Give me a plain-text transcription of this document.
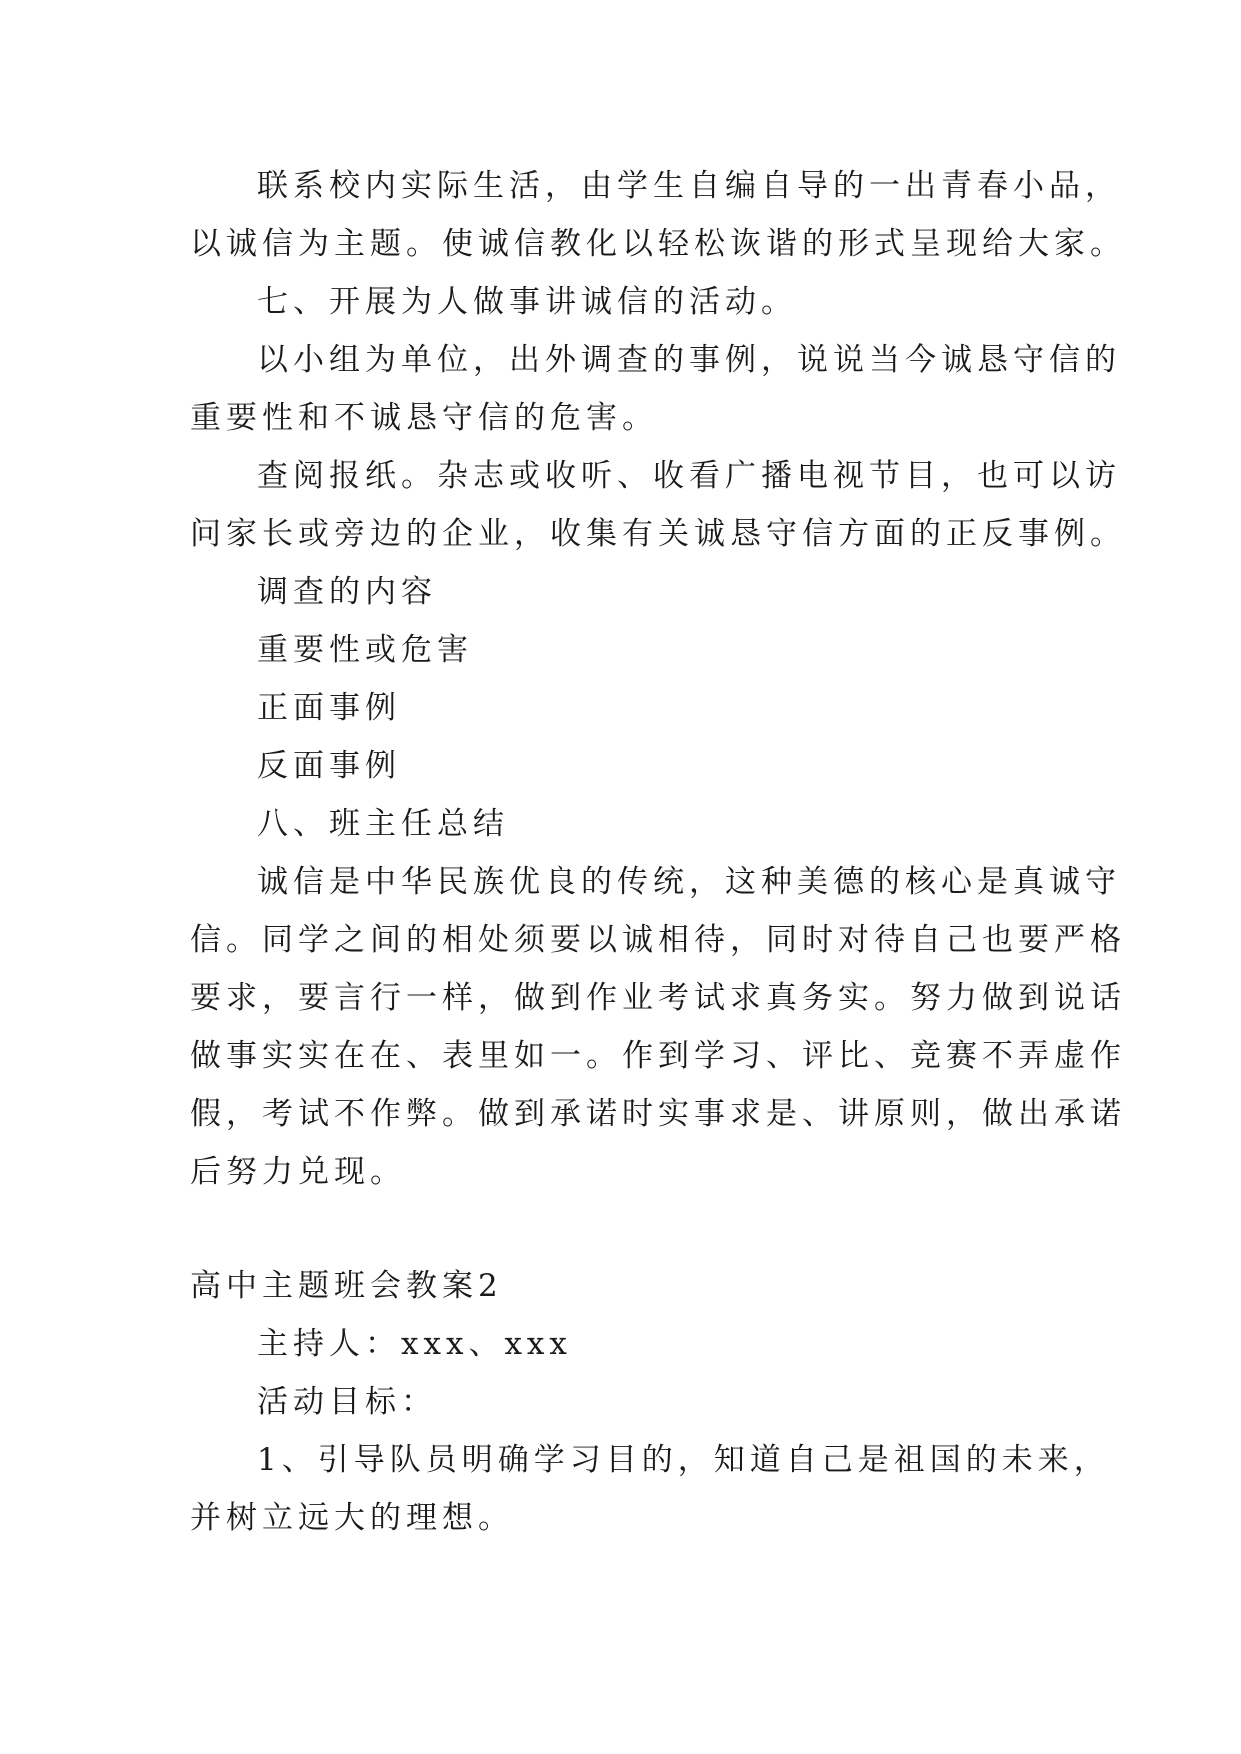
联系校内实际生活，由学生自编自导的一出青春小品，
以诚信为主题。使诚信教化以轻松诙谐的形式呈现给大家。
七、开展为人做事讲诚信的活动。
以小组为单位，出外调查的事例，说说当今诚恳守信的
重要性和不诚恳守信的危害。
查阅报纸。杂志或收听、收看广播电视节目，也可以访
问家长或旁边的企业，收集有关诚恳守信方面的正反事例。
调查的内容
重要性或危害
正面事例
反面事例
八、班主任总结
诚信是中华民族优良的传统，这种美德的核心是真诚守
信。同学之间的相处须要以诚相待，同时对待自己也要严格
要求，要言行一样，做到作业考试求真务实。努力做到说话
做事实实在在、表里如一。作到学习、评比、竞赛不弄虚作
假，考试不作弊。做到承诺时实事求是、讲原则，做出承诺
后努力兑现。
高中主题班会教案2
主持人：xxx、xxx
活动目标：
1、引导队员明确学习目的，知道自己是祖国的未来，
并树立远大的理想。
